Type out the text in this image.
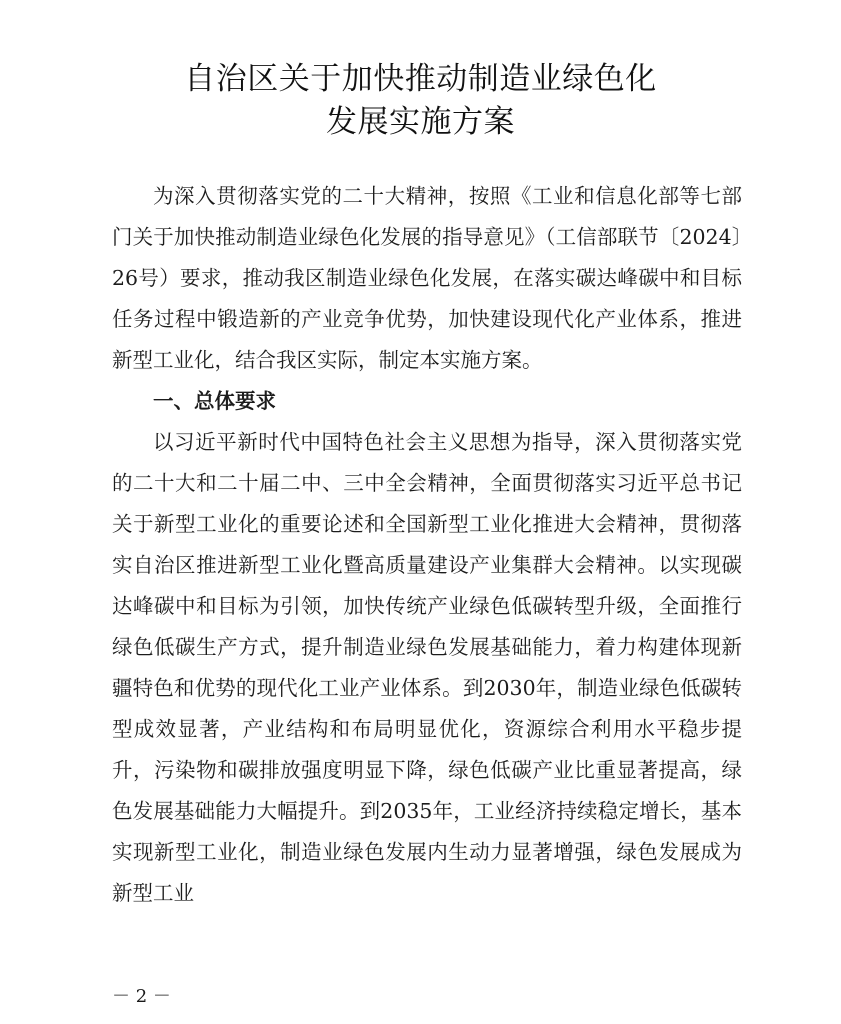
自治区关于加快推动制造业绿色化
发展实施方案

为深入贯彻落实党的二十大精神，按照《工业和信息化部等七部门关于加快推动制造业绿色化发展的指导意见》（工信部联节〔2024〕26号）要求，推动我区制造业绿色化发展，在落实碳达峰碳中和目标任务过程中锻造新的产业竞争优势，加快建设现代化产业体系，推进新型工业化，结合我区实际，制定本实施方案。

一、总体要求

以习近平新时代中国特色社会主义思想为指导，深入贯彻落实党的二十大和二十届二中、三中全会精神，全面贯彻落实习近平总书记关于新型工业化的重要论述和全国新型工业化推进大会精神，贯彻落实自治区推进新型工业化暨高质量建设产业集群大会精神。以实现碳达峰碳中和目标为引领，加快传统产业绿色低碳转型升级，全面推行绿色低碳生产方式，提升制造业绿色发展基础能力，着力构建体现新疆特色和优势的现代化工业产业体系。到2030年，制造业绿色低碳转型成效显著，产业结构和布局明显优化，资源综合利用水平稳步提升，污染物和碳排放强度明显下降，绿色低碳产业比重显著提高，绿色发展基础能力大幅提升。到2035年，工业经济持续稳定增长，基本实现新型工业化，制造业绿色发展内生动力显著增强，绿色发展成为新型工业

－ 2 －
